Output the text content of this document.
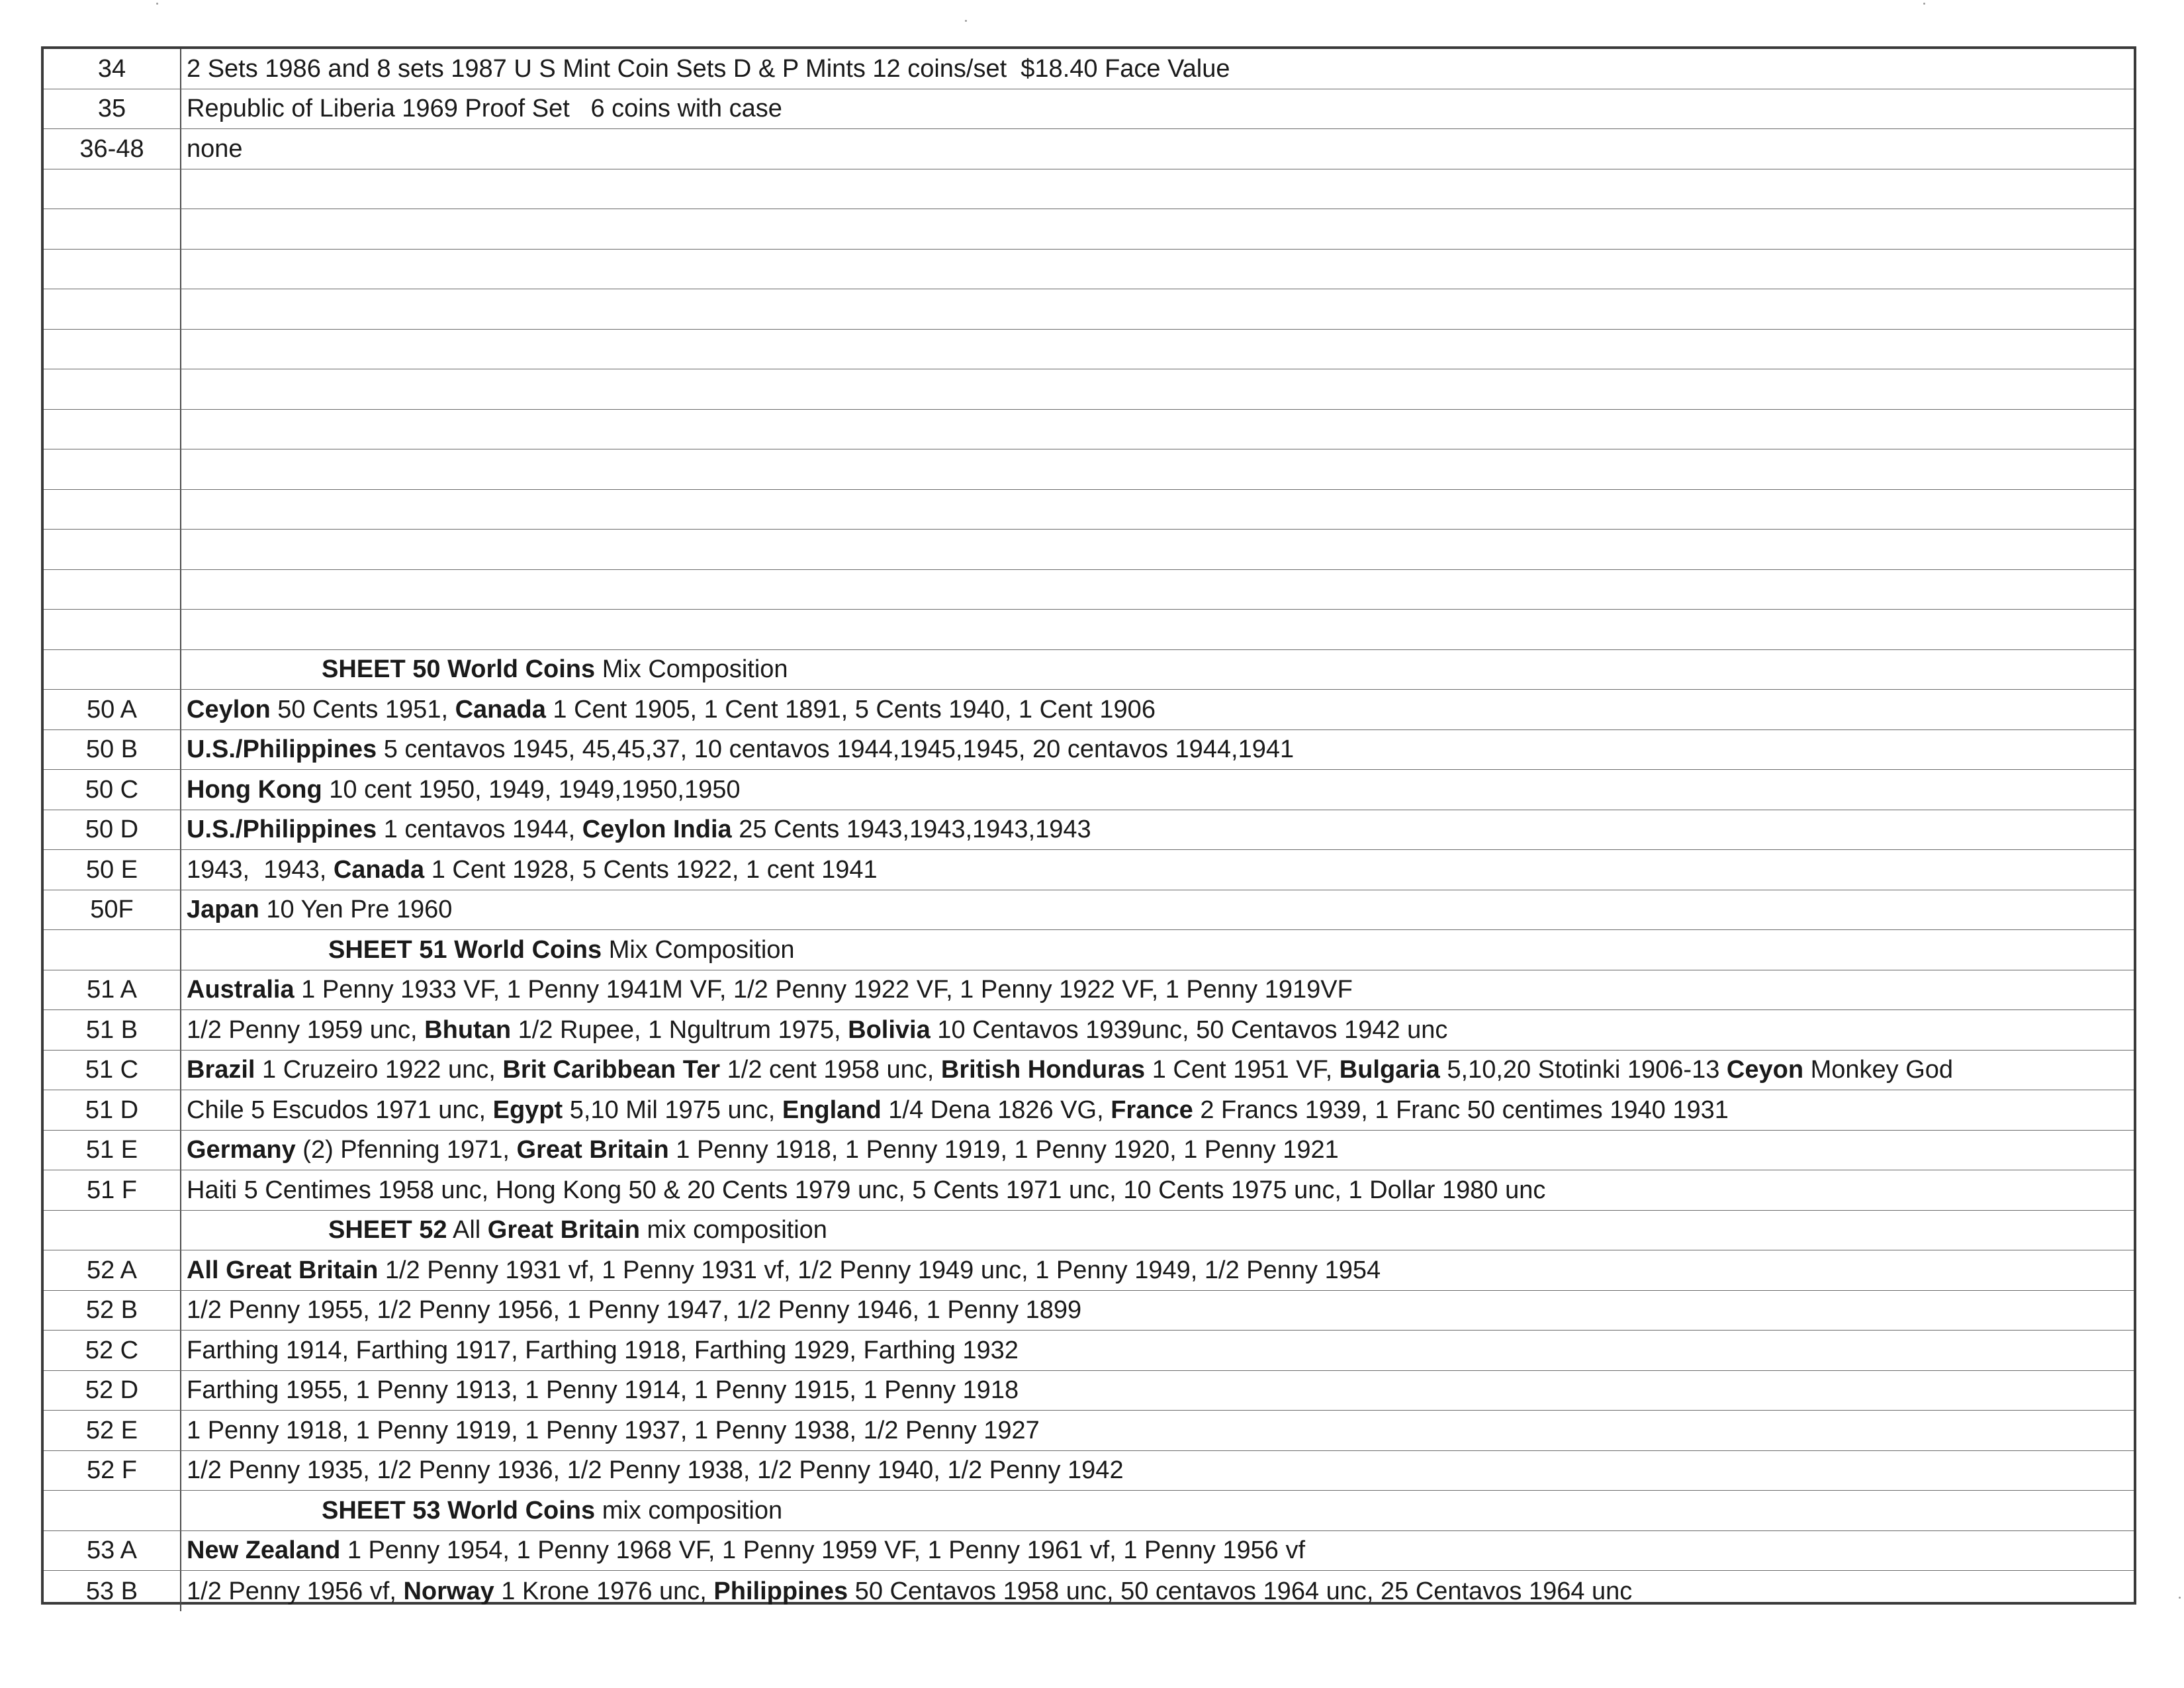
34	2 Sets 1986 and 8 sets 1987 U S Mint Coin Sets D & P Mints 12 coins/set  $18.40 Face Value
35	Republic of Liberia 1969 Proof Set   6 coins with case
36-48	none
SHEET 50 World Coins Mix Composition
50 A	Ceylon 50 Cents 1951, Canada 1 Cent 1905, 1 Cent 1891, 5 Cents 1940, 1 Cent 1906
50 B	U.S./Philippines 5 centavos 1945, 45,45,37, 10 centavos 1944,1945,1945, 20 centavos 1944,1941
50 C	Hong Kong 10 cent 1950, 1949, 1949,1950,1950
50 D	U.S./Philippines 1 centavos 1944, Ceylon India 25 Cents 1943,1943,1943,1943
50 E	1943,  1943, Canada 1 Cent 1928, 5 Cents 1922, 1 cent 1941
50F	Japan 10 Yen Pre 1960
SHEET 51 World Coins Mix Composition
51 A	Australia 1 Penny 1933 VF, 1 Penny 1941M VF, 1/2 Penny 1922 VF, 1 Penny 1922 VF, 1 Penny 1919VF
51 B	1/2 Penny 1959 unc, Bhutan 1/2 Rupee, 1 Ngultrum 1975, Bolivia 10 Centavos 1939unc, 50 Centavos 1942 unc
51 C	Brazil 1 Cruzeiro 1922 unc, Brit Caribbean Ter 1/2 cent 1958 unc, British Honduras 1 Cent 1951 VF, Bulgaria 5,10,20 Stotinki 1906-13 Ceyon Monkey God
51 D	Chile 5 Escudos 1971 unc, Egypt 5,10 Mil 1975 unc, England 1/4 Dena 1826 VG, France 2 Francs 1939, 1 Franc 50 centimes 1940 1931
51 E	Germany (2) Pfenning 1971, Great Britain 1 Penny 1918, 1 Penny 1919, 1 Penny 1920, 1 Penny 1921
51 F	Haiti 5 Centimes 1958 unc, Hong Kong 50 & 20 Cents 1979 unc, 5 Cents 1971 unc, 10 Cents 1975 unc, 1 Dollar 1980 unc
SHEET 52 All Great Britain mix composition
52 A	All Great Britain 1/2 Penny 1931 vf, 1 Penny 1931 vf, 1/2 Penny 1949 unc, 1 Penny 1949, 1/2 Penny 1954
52 B	1/2 Penny 1955, 1/2 Penny 1956, 1 Penny 1947, 1/2 Penny 1946, 1 Penny 1899
52 C	Farthing 1914, Farthing 1917, Farthing 1918, Farthing 1929, Farthing 1932
52 D	Farthing 1955, 1 Penny 1913, 1 Penny 1914, 1 Penny 1915, 1 Penny 1918
52 E	1 Penny 1918, 1 Penny 1919, 1 Penny 1937, 1 Penny 1938, 1/2 Penny 1927
52 F	1/2 Penny 1935, 1/2 Penny 1936, 1/2 Penny 1938, 1/2 Penny 1940, 1/2 Penny 1942
SHEET 53 World Coins mix composition
53 A	New Zealand 1 Penny 1954, 1 Penny 1968 VF, 1 Penny 1959 VF, 1 Penny 1961 vf, 1 Penny 1956 vf
53 B	1/2 Penny 1956 vf, Norway 1 Krone 1976 unc, Philippines 50 Centavos 1958 unc, 50 centavos 1964 unc, 25 Centavos 1964 unc
